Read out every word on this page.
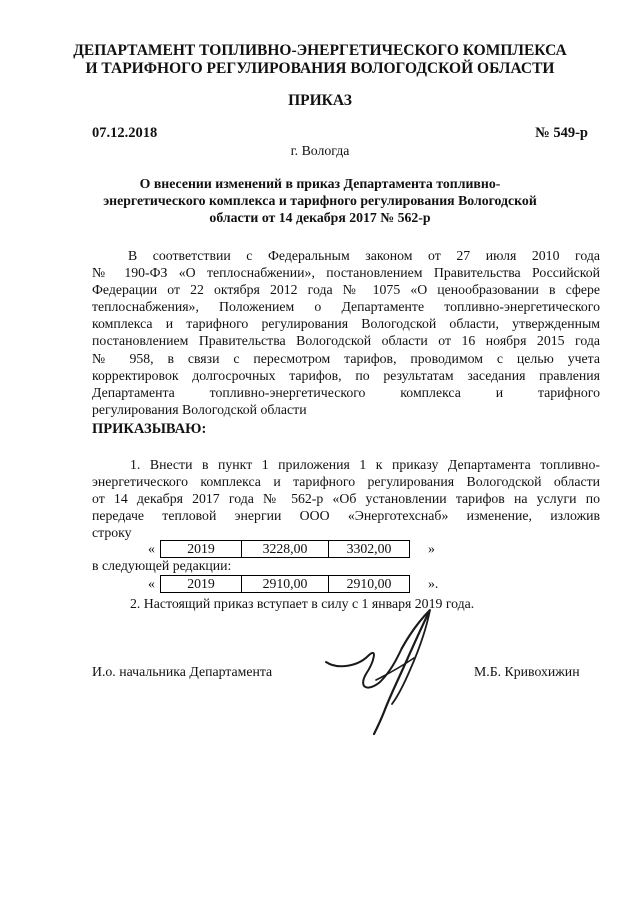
ДЕПАРТАМЕНТ ТОПЛИВНО-ЭНЕРГЕТИЧЕСКОГО КОМПЛЕКСА
И ТАРИФНОГО РЕГУЛИРОВАНИЯ ВОЛОГОДСКОЙ ОБЛАСТИ
ПРИКАЗ
07.12.2018	№ 549-р
г. Вологда
О внесении изменений в приказ Департамента топливно-
энергетического комплекса и тарифного регулирования Вологодской
области от 14 декабря 2017 № 562-р
В соответствии с Федеральным законом от 27 июля 2010 года
№ 190-ФЗ «О теплоснабжении», постановлением Правительства Российской
Федерации от 22 октября 2012 года № 1075 «О ценообразовании в сфере
теплоснабжения», Положением о Департаменте топливно-энергетического
комплекса и тарифного регулирования Вологодской области, утвержденным
постановлением Правительства Вологодской области от 16 ноября 2015 года
№ 958, в связи с пересмотром тарифов, проводимом с целью учета
корректировок долгосрочных тарифов, по результатам заседания правления
Департамента топливно-энергетического комплекса и тарифного
регулирования Вологодской области
ПРИКАЗЫВАЮ:
1. Внести в пункт 1 приложения 1 к приказу Департамента топливно-
энергетического комплекса и тарифного регулирования Вологодской области
от 14 декабря 2017 года № 562-р «Об установлении тарифов на услуги по
передаче тепловой энергии ООО «Энерготехснаб» изменение, изложив
строку
« 2019	3228,00	3302,00	»
в следующей редакции:
« 2019	2910,00	2910,00	».
2. Настоящий приказ вступает в силу с 1 января 2019 года.
И.о. начальника Департамента	М.Б. Кривохижин
